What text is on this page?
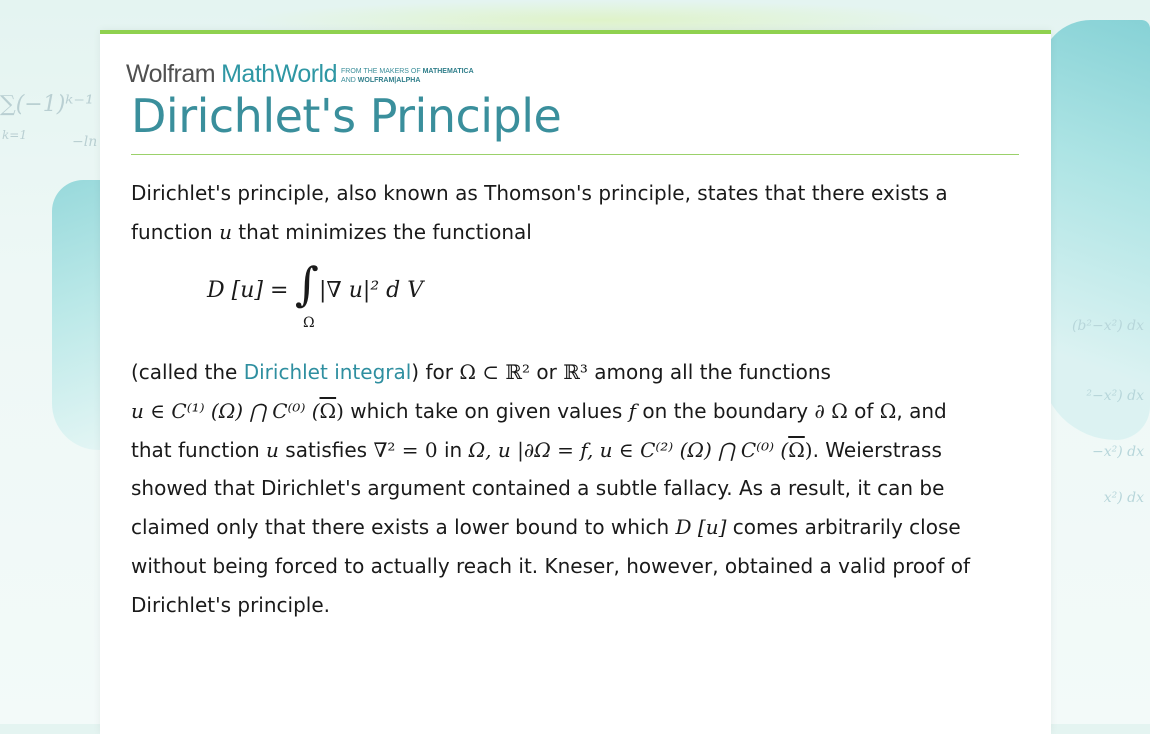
∑(−1)ᵏ⁻¹
k=1	−ln
(b²−x²) dx
²−x²) dx
−x²) dx
x²) dx
Wolfram MathWorld FROM THE MAKERS OF MATHEMATICA
AND WOLFRAM|ALPHA
Dirichlet's Principle
Dirichlet's principle, also known as Thomson's principle, states that there exists a
function u that minimizes the functional
D [u] = ∫
Ω
|∇ u|² d V
(called the Dirichlet integral) for Ω ⊂ ℝ² or ℝ³ among all the functions
u ∈ C⁽¹⁾ (Ω) ⋂ C⁽⁰⁾ $(\overline{\Omega})$ which take on given values f on the boundary ∂ Ω of Ω, and
that function u satisfies ∇² = 0 in Ω, u |∂Ω = f, u ∈ C⁽²⁾ (Ω) ⋂ C⁽⁰⁾ $(\overline{\Omega})$. Weierstrass
showed that Dirichlet's argument contained a subtle fallacy. As a result, it can be
claimed only that there exists a lower bound to which D [u] comes arbitrarily close
without being forced to actually reach it. Kneser, however, obtained a valid proof of
Dirichlet's principle.
